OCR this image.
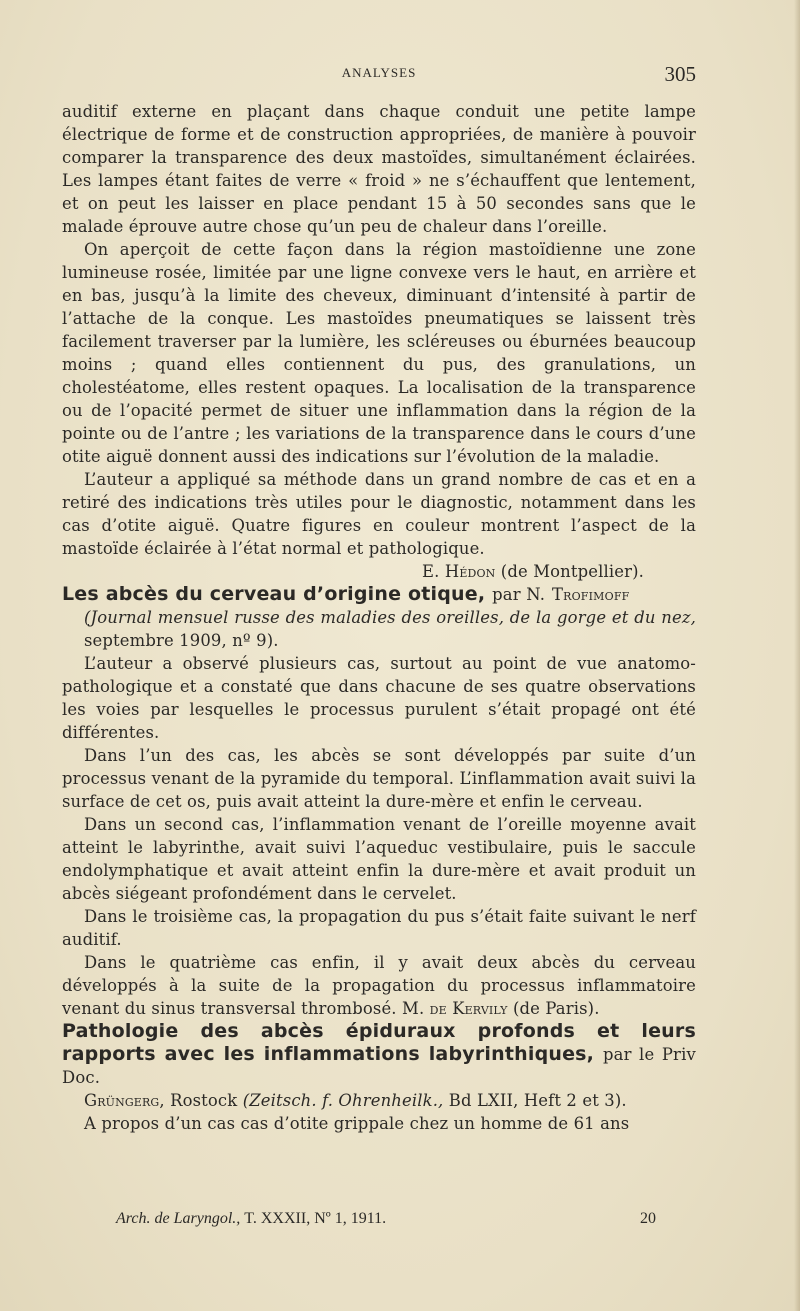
ANALYSES	305

auditif externe en plaçant dans chaque conduit une petite lampe électrique de forme et de construction appropriées, de manière à pouvoir comparer la transparence des deux mastoïdes, simultanément éclairées. Les lampes étant faites de verre « froid » ne s’échauffent que lentement, et on peut les laisser en place pendant 15 à 50 secondes sans que le malade éprouve autre chose qu’un peu de chaleur dans l’oreille.

On aperçoit de cette façon dans la région mastoïdienne une zone lumineuse rosée, limitée par une ligne convexe vers le haut, en arrière et en bas, jusqu’à la limite des cheveux, diminuant d’intensité à partir de l’attache de la conque. Les mastoïdes pneumatiques se laissent très facilement traverser par la lumière, les scléreuses ou éburnées beaucoup moins ; quand elles contiennent du pus, des granulations, un cholestéatome, elles restent opaques. La localisation de la transparence ou de l’opacité permet de situer une inflammation dans la région de la pointe ou de l’antre ; les variations de la transparence dans le cours d’une otite aiguë donnent aussi des indications sur l’évolution de la maladie.

L’auteur a appliqué sa méthode dans un grand nombre de cas et en a retiré des indications très utiles pour le diagnostic, notamment dans les cas d’otite aiguë. Quatre figures en couleur montrent l’aspect de la mastoïde éclairée à l’état normal et pathologique.

E. Hédon (de Montpellier).

Les abcès du cerveau d’origine otique, par N. Trofimoff

(Journal mensuel russe des maladies des oreilles, de la gorge et du nez, septembre 1909, nº 9).

L’auteur a observé plusieurs cas, surtout au point de vue anatomo-pathologique et a constaté que dans chacune de ses quatre observations les voies par lesquelles le processus purulent s’était propagé ont été différentes.

Dans l’un des cas, les abcès se sont développés par suite d’un processus venant de la pyramide du temporal. L’inflammation avait suivi la surface de cet os, puis avait atteint la dure-mère et enfin le cerveau.

Dans un second cas, l’inflammation venant de l’oreille moyenne avait atteint le labyrinthe, avait suivi l’aqueduc vestibulaire, puis le saccule endolymphatique et avait atteint enfin la dure-mère et avait produit un abcès siégeant profondément dans le cervelet.

Dans le troisième cas, la propagation du pus s’était faite suivant le nerf auditif.

Dans le quatrième cas enfin, il y avait deux abcès du cerveau développés à la suite de la propagation du processus inflammatoire venant du sinus transversal thrombosé. M. de Kervily (de Paris).

Pathologie des abcès épiduraux profonds et leurs rapports avec les inflammations labyrinthiques, par le Priv Doc.

Grüngerg, Rostock (Zeitsch. f. Ohrenheilk., Bd LXII, Heft 2 et 3).

A propos d’un cas cas d’otite grippale chez un homme de 61 ans

Arch. de Laryngol., T. XXXII, Nº 1, 1911.	20
